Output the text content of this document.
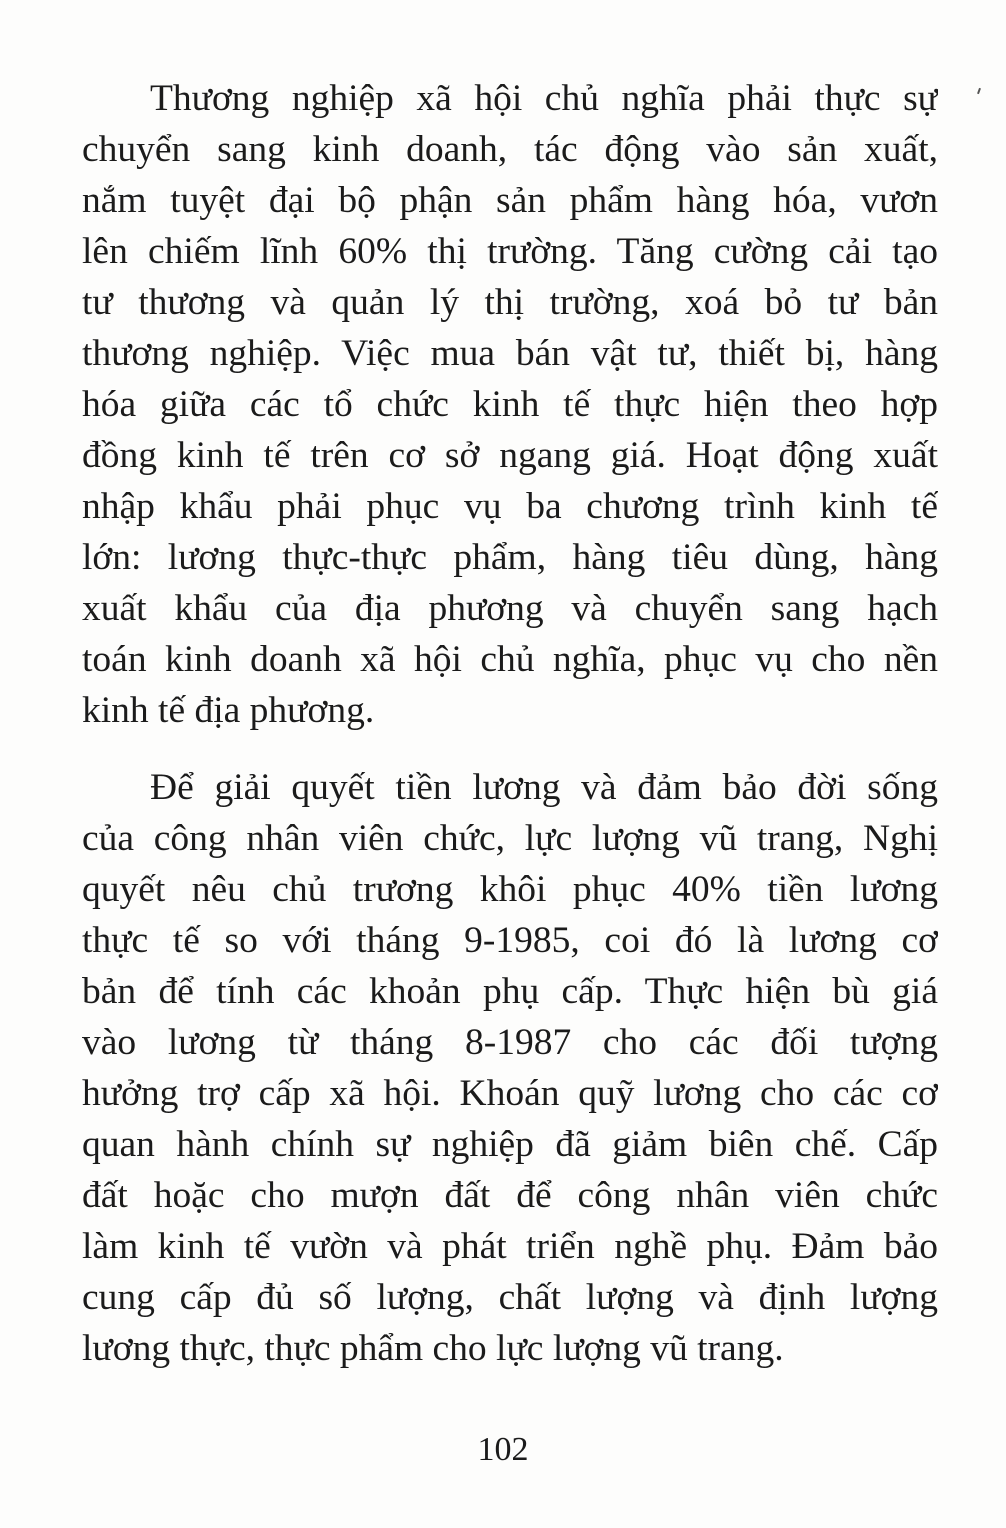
Thương nghiệp xã hội chủ nghĩa phải thực sự
chuyển sang kinh doanh, tác động vào sản xuất,
nắm tuyệt đại bộ phận sản phẩm hàng hóa, vươn
lên chiếm lĩnh 60% thị trường. Tăng cường cải tạo
tư thương và quản lý thị trường, xoá bỏ tư bản
thương nghiệp. Việc mua bán vật tư, thiết bị, hàng
hóa giữa các tổ chức kinh tế thực hiện theo hợp
đồng kinh tế trên cơ sở ngang giá. Hoạt động xuất
nhập khẩu phải phục vụ ba chương trình kinh tế
lớn: lương thực-thực phẩm, hàng tiêu dùng, hàng
xuất khẩu của địa phương và chuyển sang hạch
toán kinh doanh xã hội chủ nghĩa, phục vụ cho nền
kinh tế địa phương.
Để giải quyết tiền lương và đảm bảo đời sống
của công nhân viên chức, lực lượng vũ trang, Nghị
quyết nêu chủ trương khôi phục 40% tiền lương
thực tế so với tháng 9-1985, coi đó là lương cơ
bản để tính các khoản phụ cấp. Thực hiện bù giá
vào lương từ tháng 8-1987 cho các đối tượng
hưởng trợ cấp xã hội. Khoán quỹ lương cho các cơ
quan hành chính sự nghiệp đã giảm biên chế. Cấp
đất hoặc cho mượn đất để công nhân viên chức
làm kinh tế vườn và phát triển nghề phụ. Đảm bảo
cung cấp đủ số lượng, chất lượng và định lượng
lương thực, thực phẩm cho lực lượng vũ trang.
102
